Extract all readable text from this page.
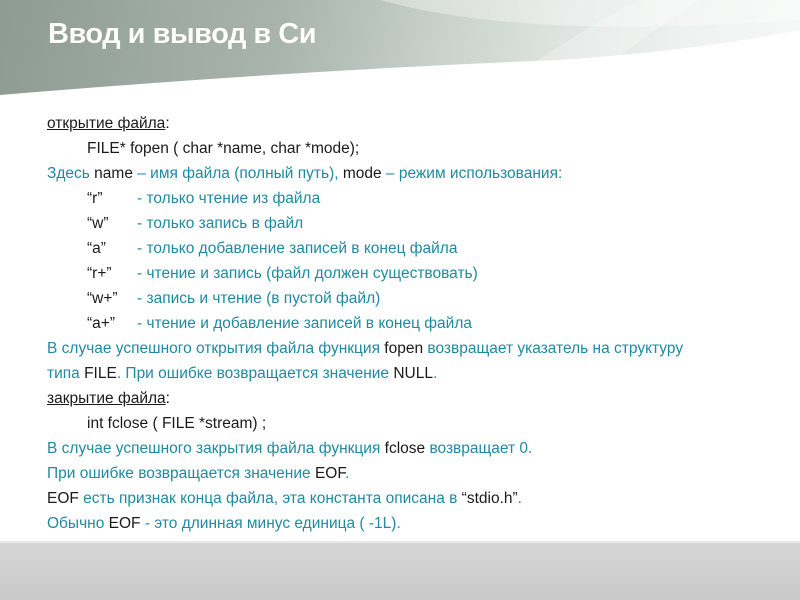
Ввод и вывод в Си
открытие файла:
FILE* fopen ( char *name, char *mode);
Здесь name – имя файла (полный путь), mode – режим использования:
“r” - только чтение из файла
“w” - только запись в файл
“a” - только добавление записей в конец файла
“r+” - чтение и запись (файл должен существовать)
“w+” - запись и чтение (в пустой файл)
“a+” - чтение и добавление записей в конец файла
В случае успешного открытия файла функция fopen возвращает указатель на структуру
типа FILE. При ошибке возвращается значение NULL.
закрытие файла:
int fclose ( FILE *stream) ;
В случае успешного закрытия файла функция fclose возвращает 0.
При ошибке возвращается значение EOF.
EOF есть признак конца файла, эта константа описана в “stdio.h”.
Обычно EOF - это длинная минус единица ( -1L).
